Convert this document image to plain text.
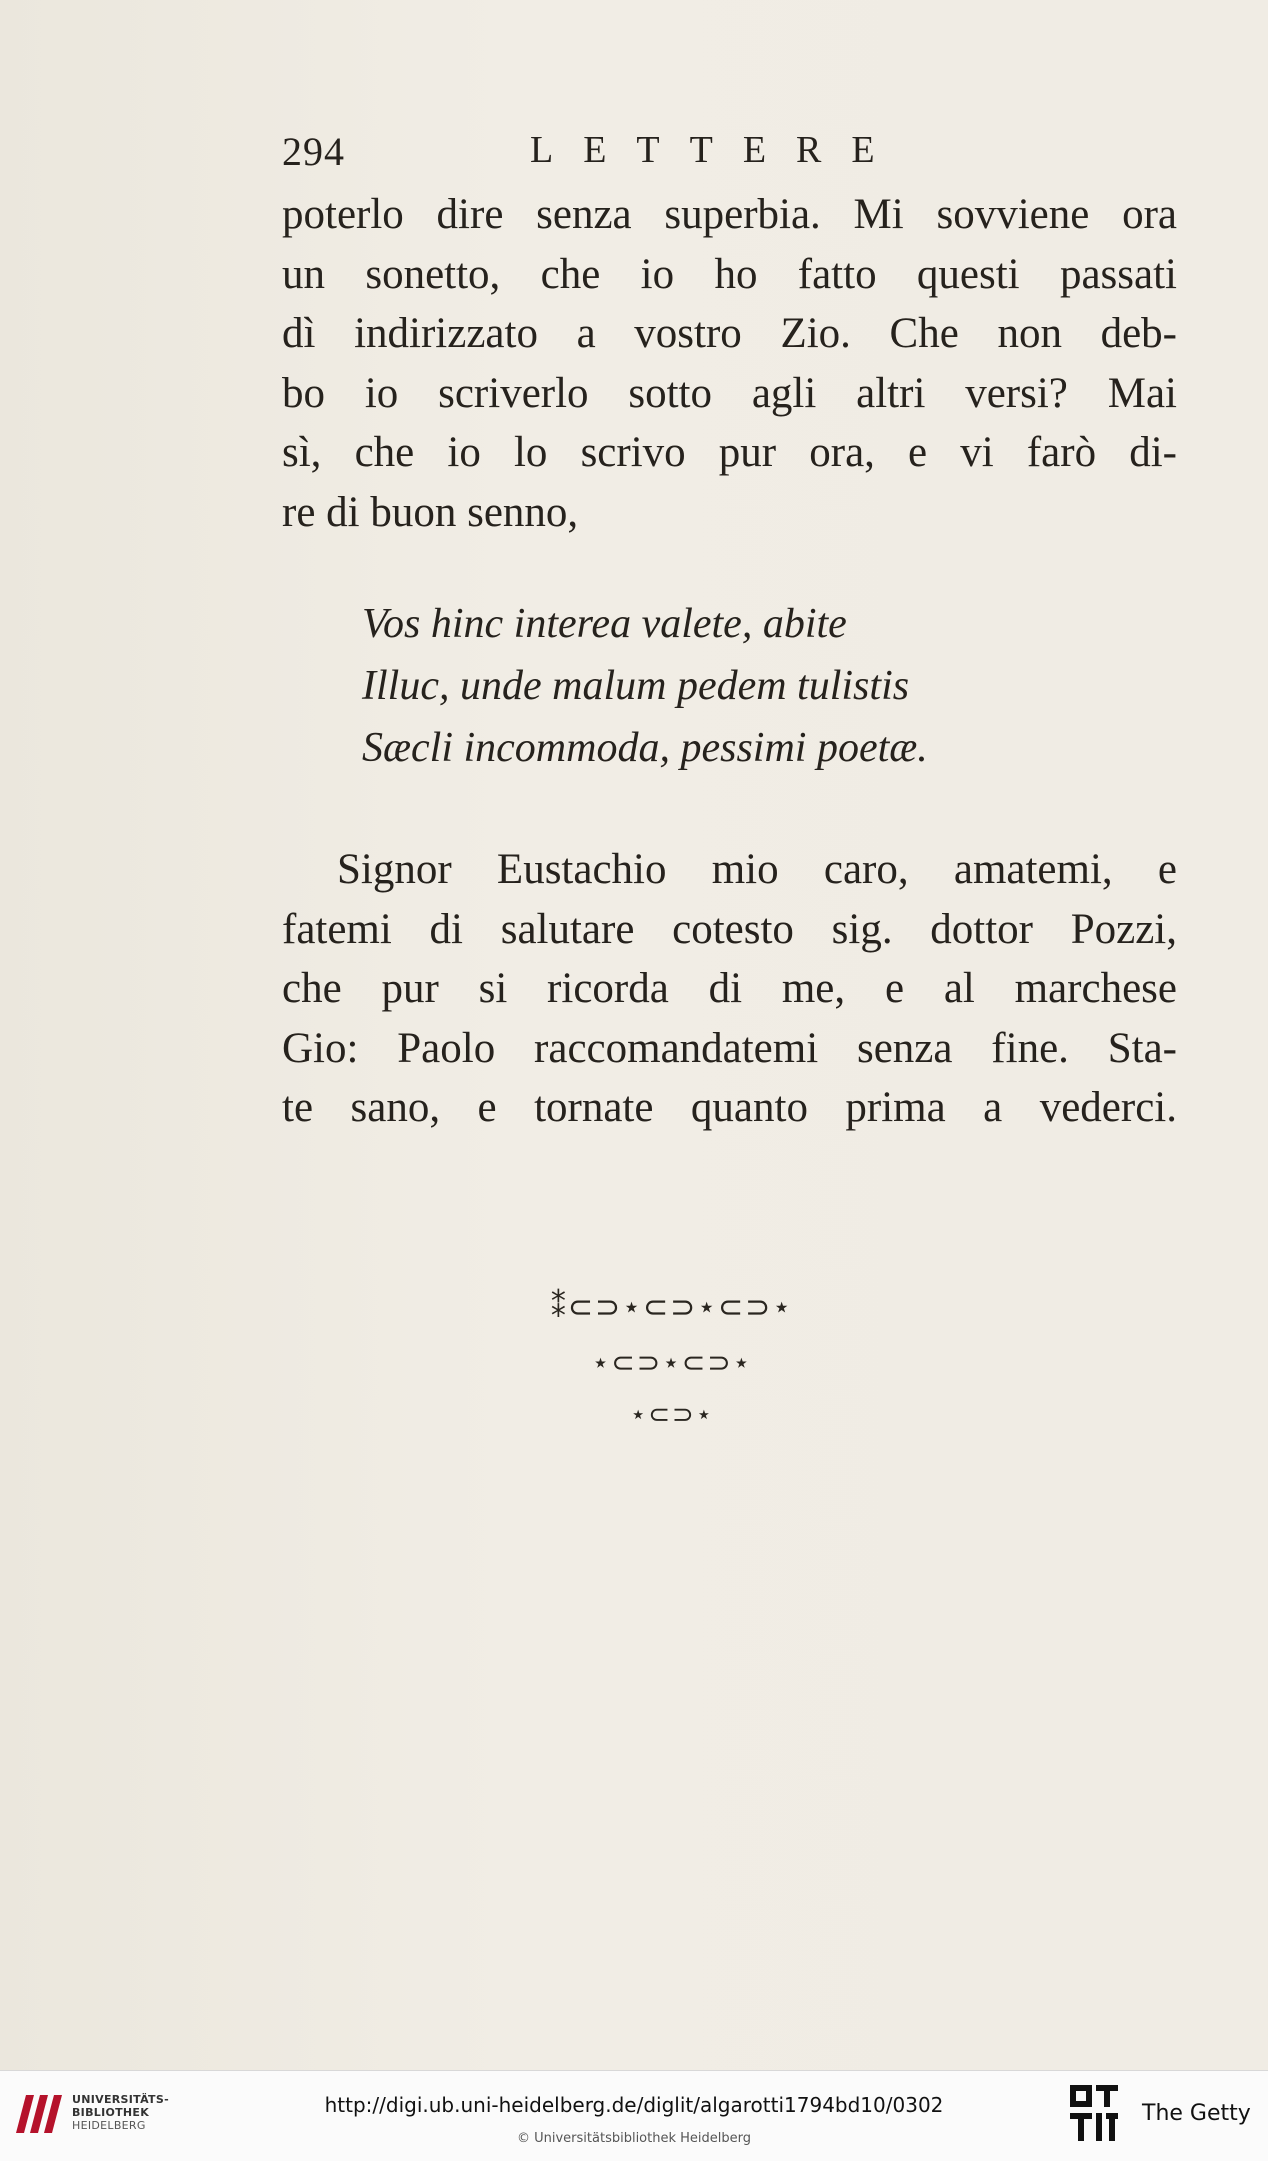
294	LETTERE
poterlo dire senza superbia. Mi sovviene ora
un sonetto, che io ho fatto questi passati
dì indirizzato a vostro Zio. Che non deb-
bo io scriverlo sotto agli altri versi? Mai
sì, che io lo scrivo pur ora, e vi farò di-
re di buon senno,
Vos hinc interea valete, abite
Illuc, unde malum pedem tulistis
Sæcli incommoda, pessimi poetæ.
Signor Eustachio mio caro, amatemi, e
fatemi di salutare cotesto sig. dottor Pozzi,
che pur si ricorda di me, e al marchese
Gio: Paolo raccomandatemi senza fine. Sta-
te sano, e tornate quanto prima a vederci.
⁑⊂⊃⋆⊂⊃⋆⊂⊃⋆
⋆⊂⊃⋆⊂⊃⋆
⋆⊂⊃⋆
UNIVERSITÄTS-
BIBLIOTHEK
HEIDELBERG
http://digi.ub.uni-heidelberg.de/diglit/algarotti1794bd10/0302
© Universitätsbibliothek Heidelberg
The Getty
